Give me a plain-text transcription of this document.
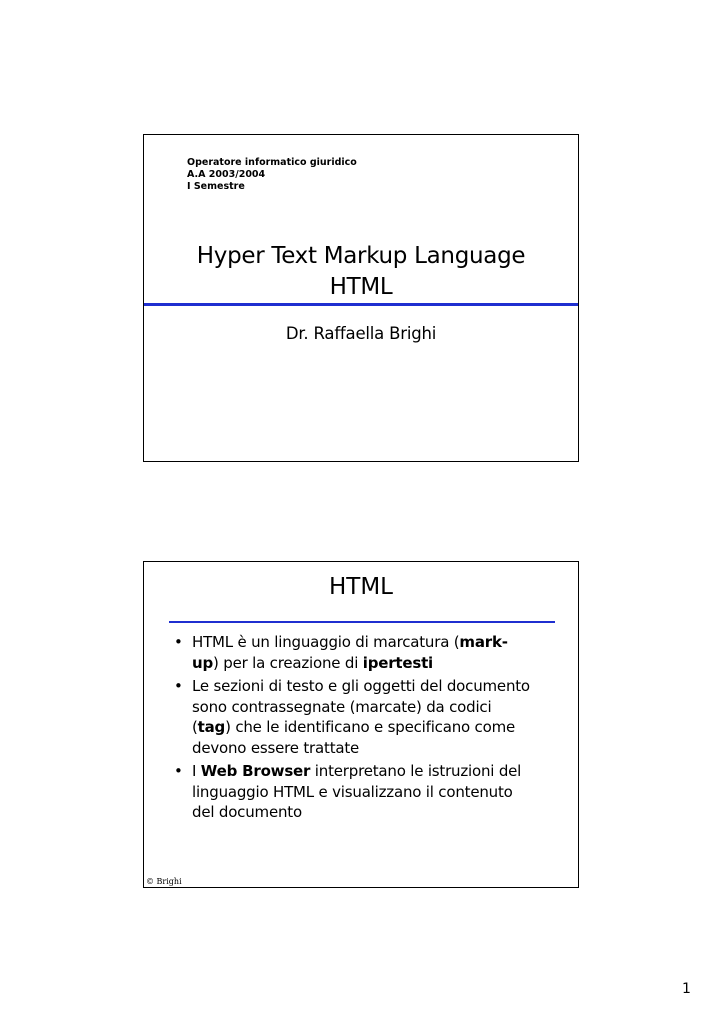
Operatore informatico giuridico
A.A 2003/2004
I Semestre
Hyper Text Markup Language
HTML
Dr. Raffaella Brighi
HTML
• HTML è un linguaggio di marcatura (mark-up) per la creazione di ipertesti
• Le sezioni di testo e gli oggetti del documento sono contrassegnate (marcate) da codici (tag) che le identificano e specificano come devono essere trattate
• I Web Browser interpretano le istruzioni del linguaggio HTML e visualizzano il contenuto del documento
© Brighi
1
